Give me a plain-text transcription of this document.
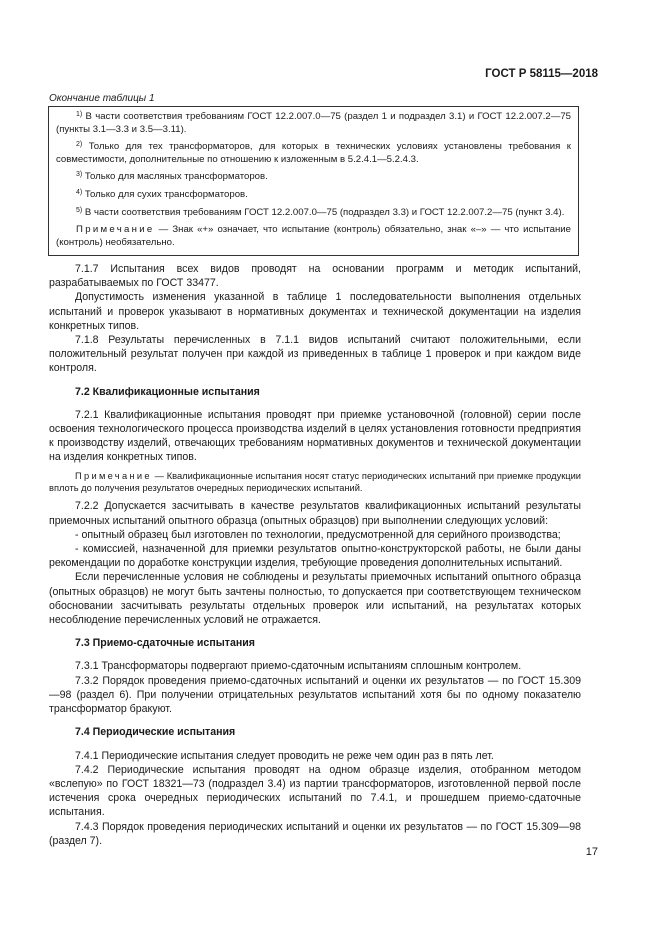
ГОСТ Р 58115—2018
Окончание таблицы 1

$^{1)}$ В части соответствия требованиям ГОСТ 12.2.007.0—75 (раздел 1 и подраздел 3.1) и ГОСТ 12.2.007.2—75 (пункты 3.1—3.3 и 3.5—3.11).

$^{2)}$ Только для тех трансформаторов, для которых в технических условиях установлены требования к совместимости, дополнительные по отношению к изложенным в 5.2.4.1—5.2.4.3.

$^{3)}$ Только для масляных трансформаторов.

$^{4)}$ Только для сухих трансформаторов.

$^{5)}$ В части соответствия требованиям ГОСТ 12.2.007.0—75 (подраздел 3.3) и ГОСТ 12.2.007.2—75 (пункт 3.4).

Примечание — Знак «+» означает, что испытание (контроль) обязательно, знак «–» — что испытание (контроль) необязательно.

7.1.7 Испытания всех видов проводят на основании программ и методик испытаний, разрабатываемых по ГОСТ 33477.

Допустимость изменения указанной в таблице 1 последовательности выполнения отдельных испытаний и проверок указывают в нормативных документах и технической документации на изделия конкретных типов.

7.1.8 Результаты перечисленных в 7.1.1 видов испытаний считают положительными, если положительный результат получен при каждой из приведенных в таблице 1 проверок и при каждом виде контроля.

7.2 Квалификационные испытания

7.2.1 Квалификационные испытания проводят при приемке установочной (головной) серии после освоения технологического процесса производства изделий в целях установления готовности предприятия к производству изделий, отвечающих требованиям нормативных документов и технической документации на изделия конкретных типов.

Примечание — Квалификационные испытания носят статус периодических испытаний при приемке продукции вплоть до получения результатов очередных периодических испытаний.

7.2.2 Допускается засчитывать в качестве результатов квалификационных испытаний результаты приемочных испытаний опытного образца (опытных образцов) при выполнении следующих условий:

- опытный образец был изготовлен по технологии, предусмотренной для серийного производства;

- комиссией, назначенной для приемки результатов опытно-конструкторской работы, не были даны рекомендации по доработке конструкции изделия, требующие проведения дополнительных испытаний.

Если перечисленные условия не соблюдены и результаты приемочных испытаний опытного образца (опытных образцов) не могут быть зачтены полностью, то допускается при соответствующем техническом обосновании засчитывать результаты отдельных проверок или испытаний, на результатах которых несоблюдение перечисленных условий не отражается.

7.3 Приемо-сдаточные испытания

7.3.1 Трансформаторы подвергают приемо-сдаточным испытаниям сплошным контролем.

7.3.2 Порядок проведения приемо-сдаточных испытаний и оценки их результатов — по ГОСТ 15.309—98 (раздел 6). При получении отрицательных результатов испытаний хотя бы по одному показателю трансформатор бракуют.

7.4 Периодические испытания

7.4.1 Периодические испытания следует проводить не реже чем один раз в пять лет.

7.4.2 Периодические испытания проводят на одном образце изделия, отобранном методом «вслепую» по ГОСТ 18321—73 (подраздел 3.4) из партии трансформаторов, изготовленной первой после истечения срока очередных периодических испытаний по 7.4.1, и прошедшем приемо-сдаточные испытания.

7.4.3 Порядок проведения периодических испытаний и оценки их результатов — по ГОСТ 15.309—98 (раздел 7).

17
